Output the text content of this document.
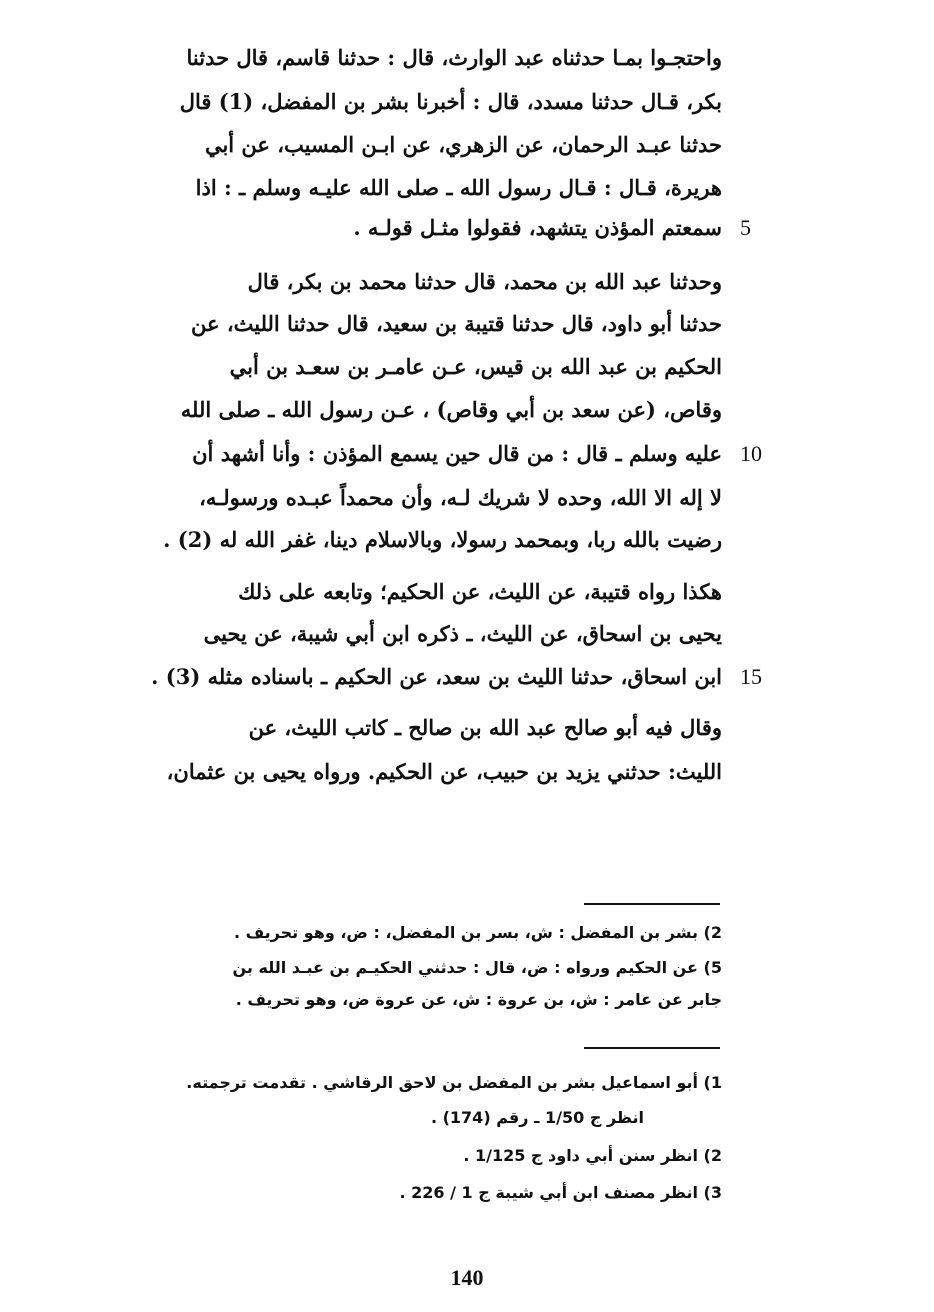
واحتجـوا بمـا حدثناه عبد الوارث، قال : حدثنا قاسم، قال حدثنا
بكر، قـال حدثنا مسدد، قال : أخبرنا بشر بن المفضل، (1) قال
حدثنا عبـد الرحمان، عن الزهري، عن ابـن المسيب، عن أبي
هريرة، قـال : قـال رسول الله ـ صلى الله عليـه وسلم ـ : اذا
سمعتم المؤذن يتشهد، فقولوا مثـل قولـه .
وحدثنا عبد الله بن محمد، قال حدثنا محمد بن بكر، قال
حدثنا أبو داود، قال حدثنا قتيبة بن سعيد، قال حدثنا الليث، عن
الحكيم بن عبد الله بن قيس، عـن عامـر بن سعـد بن أبي
وقاص، (عن سعد بن أبي وقاص) ، عـن رسول الله ـ صلى الله
عليه وسلم ـ قال : من قال حين يسمع المؤذن : وأنا أشهد أن
لا إله الا الله، وحده لا شريك لـه، وأن محمداً عبـده ورسولـه،
رضيت بالله ربا، وبمحمد رسولا، وبالاسلام دينا، غفر الله له (2) .
هكذا رواه قتيبة، عن الليث، عن الحكيم؛ وتابعه على ذلك
يحيى بن اسحاق، عن الليث، ـ ذكره ابن أبي شيبة، عن يحيى
ابن اسحاق، حدثنا الليث بن سعد، عن الحكيم ـ باسناده مثله (3) .
وقال فيه أبو صالح عبد الله بن صالح ـ كاتب الليث، عن
الليث: حدثني يزيد بن حبيب، عن الحكيم. ورواه يحيى بن عثمان،
5
10
15
2) بشر بن المفضل : ش، بسر بن المفضل، : ض، وهو تحريف .
5) عن الحكيم ورواه : ض، قال : حدثني الحكيـم بن عبـد الله بن
جابر عن عامر : ش، بن عروة : ش، عن عروة ض، وهو تحريف .
1) أبو اسماعيل بشر بن المفضل بن لاحق الرقاشي . تقدمت ترجمته.
انظر ج 1/50 ـ رقم (174) .
2) انظر سنن أبي داود ج 1/125 .
3) انظر مصنف ابن أبي شيبة ج 1 / 226 .
140
